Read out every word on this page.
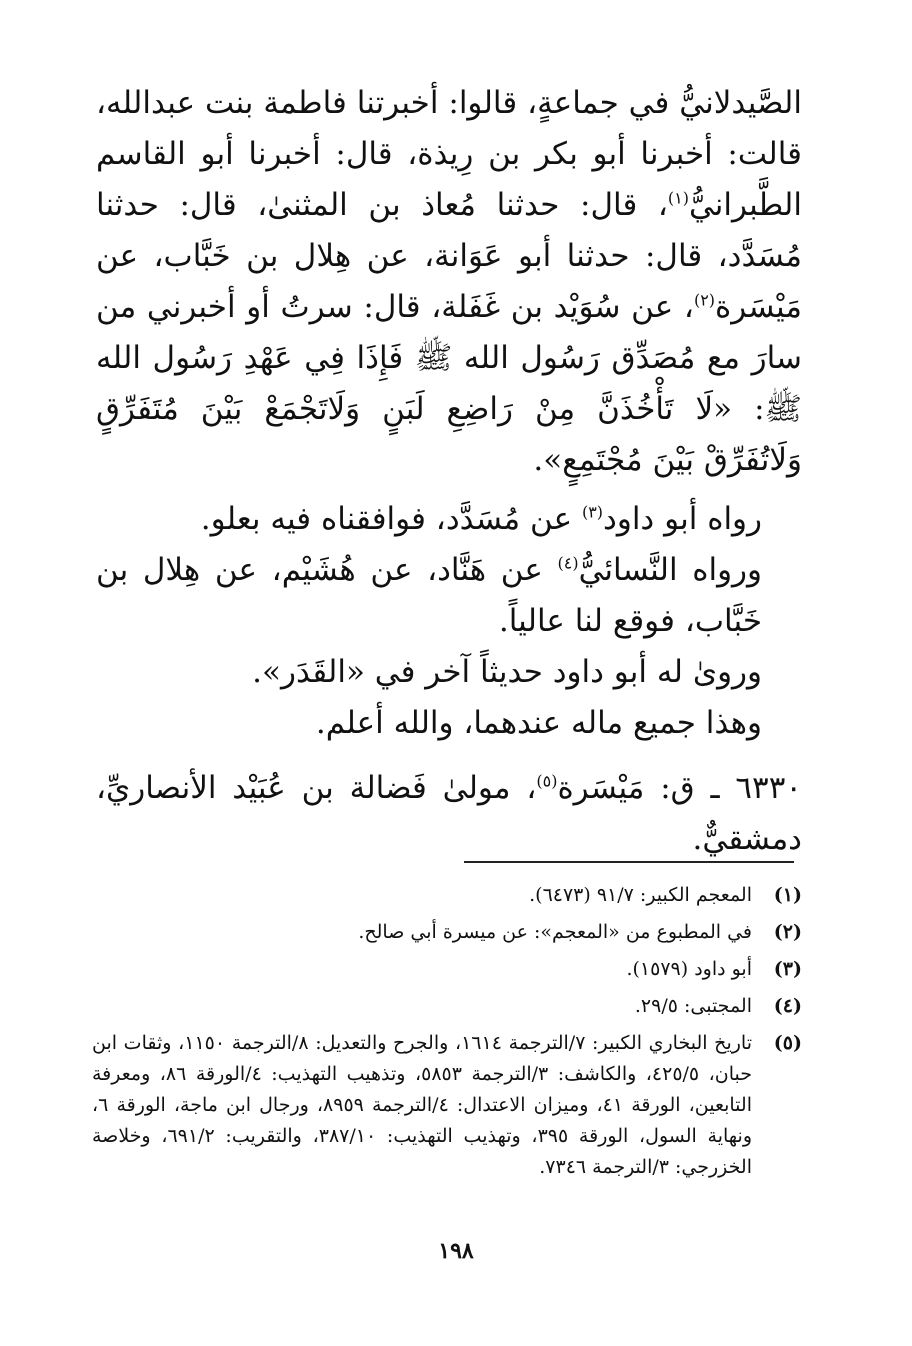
الصَّيدلانيُّ في جماعةٍ، قالوا: أخبرتنا فاطمة بنت عبدالله، قالت: أخبرنا أبو بكر بن رِيذة، قال: أخبرنا أبو القاسم الطَّبرانيُّ$^{(١)}$، قال: حدثنا مُعاذ بن المثنىٰ، قال: حدثنا مُسَدَّد، قال: حدثنا أبو عَوَانة، عن هِلال بن خَبَّاب، عن مَيْسَرة$^{(٢)}$، عن سُوَيْد بن غَفَلة، قال: سرتُ أو أخبرني من سارَ مع مُصَدِّق رَسُول الله ﷺ فَإِذَا فِي عَهْدِ رَسُول الله ﷺ: «لَا تَأْخُذَنَّ مِنْ رَاضِعِ لَبَنٍ وَلَاتَجْمَعْ بَيْنَ مُتَفَرِّقٍ وَلَاتُفَرِّقْ بَيْنَ مُجْتَمِعٍ».

رواه أبو داود$^{(٣)}$ عن مُسَدَّد، فوافقناه فيه بعلو.

ورواه النَّسائيُّ$^{(٤)}$ عن هَنَّاد، عن هُشَيْم، عن هِلال بن خَبَّاب، فوقع لنا عالياً.

وروىٰ له أبو داود حديثاً آخر في «القَدَر».

وهذا جميع ماله عندهما، والله أعلم.

٦٣٣٠ ـ ق: مَيْسَرة$^{(٥)}$، مولىٰ فَضالة بن عُبَيْد الأنصاريِّ، دمشقيٌّ.

(١)
المعجم الكبير: ٩١/٧ (٦٤٧٣).
(٢)
في المطبوع من «المعجم»: عن ميسرة أبي صالح.
(٣)
أبو داود (١٥٧٩).
(٤)
المجتبى: ٢٩/٥.
(٥)
تاريخ البخاري الكبير: ٧/الترجمة ١٦١٤، والجرح والتعديل: ٨/الترجمة ١١٥٠، وثقات ابن حبان، ٤٢٥/٥، والكاشف: ٣/الترجمة ٥٨٥٣، وتذهيب التهذيب: ٤/الورقة ٨٦، ومعرفة التابعين، الورقة ٤١، وميزان الاعتدال: ٤/الترجمة ٨٩٥٩، ورجال ابن ماجة، الورقة ٦، ونهاية السول، الورقة ٣٩٥، وتهذيب التهذيب: ٣٨٧/١٠، والتقريب: ٦٩١/٢، وخلاصة الخزرجي: ٣/الترجمة ٧٣٤٦.
١٩٨
